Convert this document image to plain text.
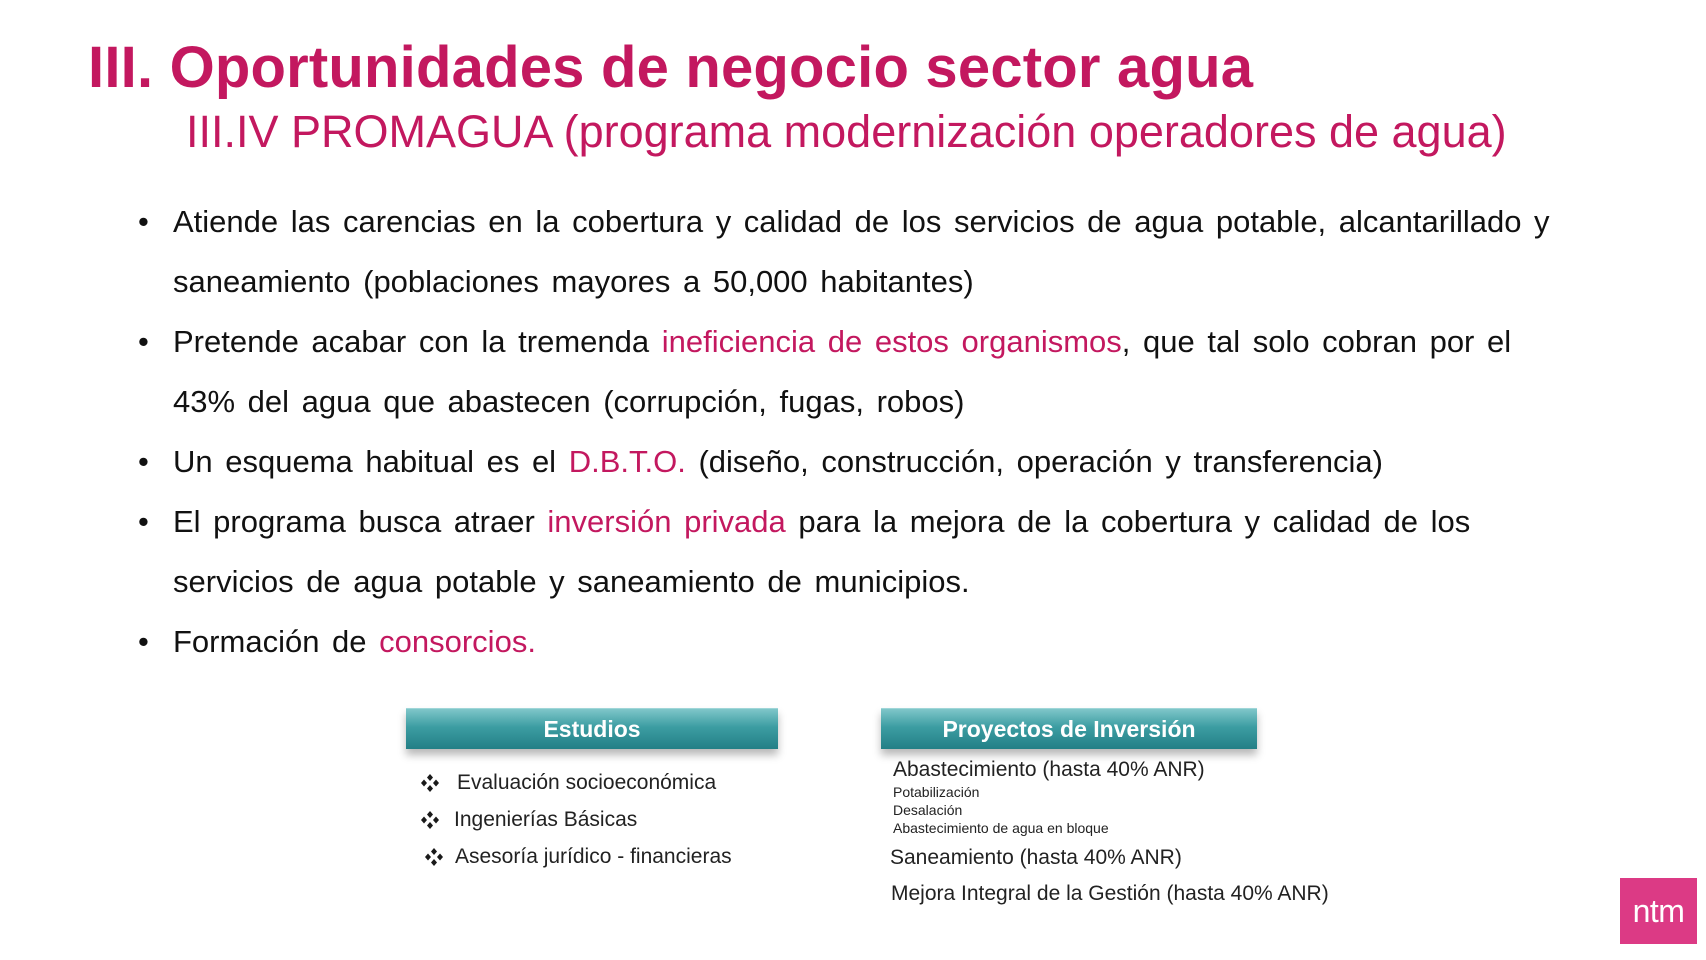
III. Oportunidades de negocio sector agua
III.IV PROMAGUA (programa modernización operadores de agua)
• Atiende las carencias en la cobertura y calidad de los servicios de agua potable, alcantarillado y saneamiento (poblaciones mayores a 50,000 habitantes)
• Pretende acabar con la tremenda ineficiencia de estos organismos, que tal solo cobran por el 43% del agua que abastecen (corrupción, fugas, robos)
• Un esquema habitual es el D.B.T.O. (diseño, construcción, operación y transferencia)
• El programa busca atraer inversión privada para la mejora de la cobertura y calidad de los servicios de agua potable y saneamiento de municipios.
• Formación de consorcios.
Estudios
Evaluación socioeconómica
Ingenierías Básicas
Asesoría jurídico - financieras
Proyectos de Inversión

Abastecimiento (hasta 40% ANR)

Potabilización

Desalación

Abastecimiento de agua en bloque

Saneamiento (hasta 40% ANR)

Mejora Integral de la Gestión (hasta 40% ANR)	ntm
